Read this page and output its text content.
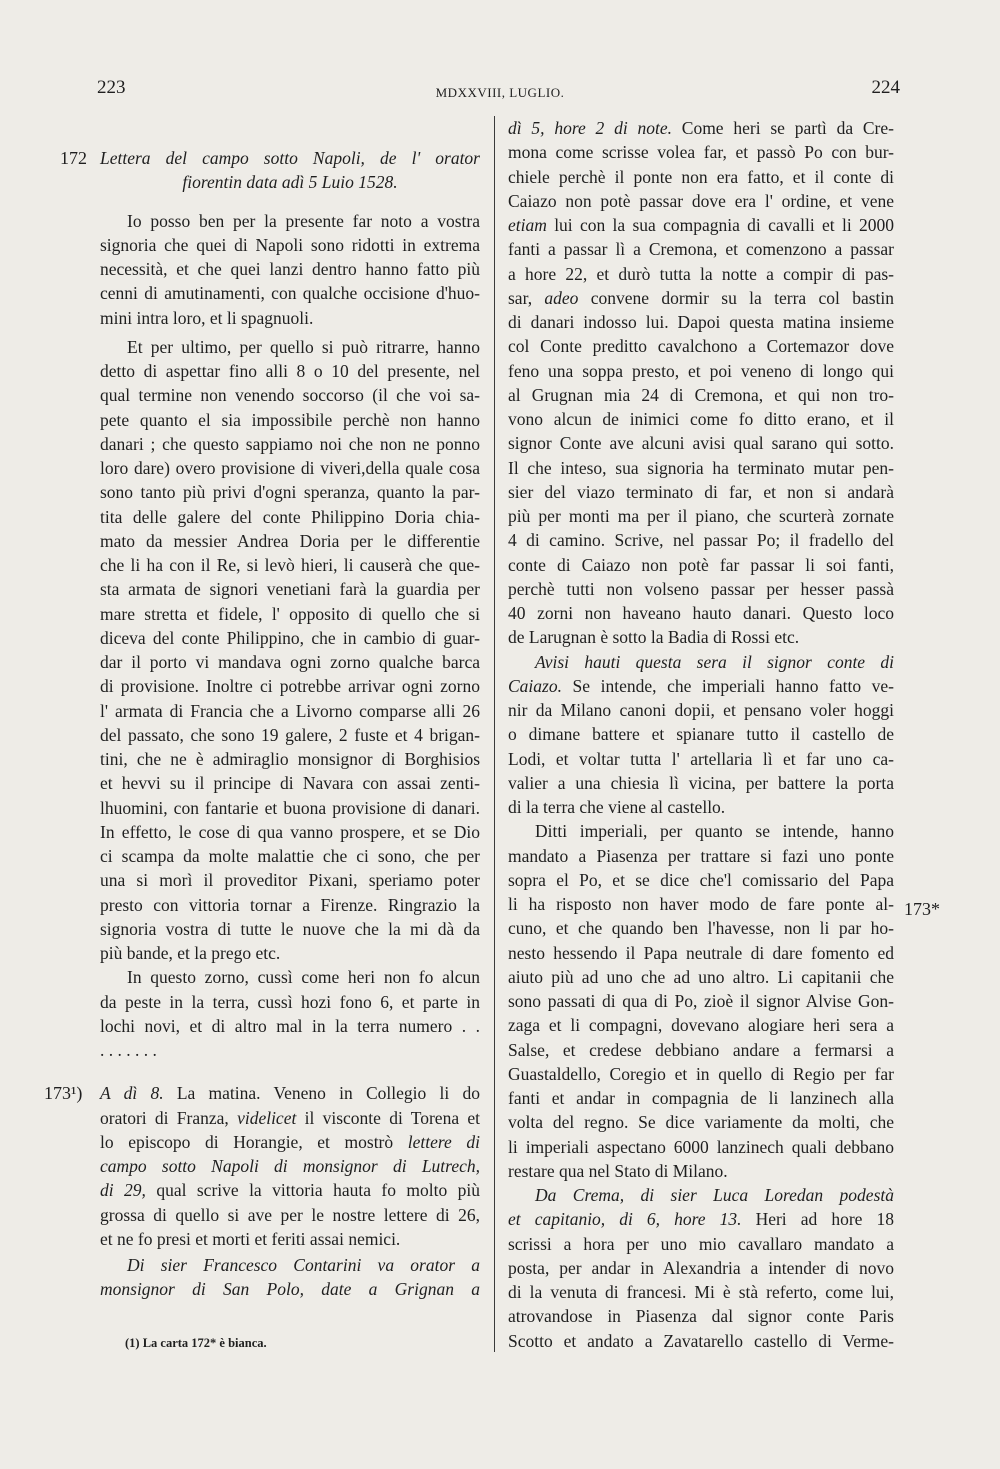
223	MDXXVIII, LUGLIO.	224
172
173¹)
173*
Lettera del campo sotto Napoli, de l' orator
fiorentin data adì 5 Luio 1528.
Io posso ben per la presente far noto a vostra
signoria che quei di Napoli sono ridotti in extrema
necessità, et che quei lanzi dentro hanno fatto più
cenni di amutinamenti, con qualche occisione d'huo-
mini intra loro, et li spagnuoli.
Et per ultimo, per quello si può ritrarre, hanno
detto di aspettar fino alli 8 o 10 del presente, nel
qual termine non venendo soccorso (il che voi sa-
pete quanto el sia impossibile perchè non hanno
danari ; che questo sappiamo noi che non ne ponno
loro dare) overo provisione di viveri,della quale cosa
sono tanto più privi d'ogni speranza, quanto la par-
tita delle galere del conte Philippino Doria chia-
mato da messier Andrea Doria per le differentie
che li ha con il Re, si levò hieri, li causerà che que-
sta armata de signori venetiani farà la guardia per
mare stretta et fidele, l' opposito di quello che si
diceva del conte Philippino, che in cambio di guar-
dar il porto vi mandava ogni zorno qualche barca
di provisione. Inoltre ci potrebbe arrivar ogni zorno
l' armata di Francia che a Livorno comparse alli 26
del passato, che sono 19 galere, 2 fuste et 4 brigan-
tini, che ne è admiraglio monsignor di Borghisios
et hevvi su il principe di Navara con assai zenti-
lhuomini, con fantarie et buona provisione di danari.
In effetto, le cose di qua vanno prospere, et se Dio
ci scampa da molte malattie che ci sono, che per
una si morì il proveditor Pixani, speriamo poter
presto con vittoria tornar a Firenze. Ringrazio la
signoria vostra di tutte le nuove che la mi dà da
più bande, et la prego etc.
In questo zorno, cussì come heri non fo alcun
da peste in la terra, cussì hozi fono 6, et parte in
lochi novi, et di altro mal in la terra numero . .
. . . . . . .
A dì 8. La matina. Veneno in Collegio li do
oratori di Franza, videlicet il visconte di Torena et
lo episcopo di Horangie, et mostrò lettere di
campo sotto Napoli di monsignor di Lutrech,
di 29, qual scrive la vittoria hauta fo molto più
grossa di quello si ave per le nostre lettere di 26,
et ne fo presi et morti et feriti assai nemici.
Di sier Francesco Contarini va orator a
monsignor di San Polo, date a Grignan a
dì 5, hore 2 di note. Come heri se partì da Cre-
mona come scrisse volea far, et passò Po con bur-
chiele perchè il ponte non era fatto, et il conte di
Caiazo non potè passar dove era l' ordine, et vene
etiam lui con la sua compagnia di cavalli et li 2000
fanti a passar lì a Cremona, et comenzono a passar
a hore 22, et durò tutta la notte a compir di pas-
sar, adeo convene dormir su la terra col bastin
di danari indosso lui. Dapoi questa matina insieme
col Conte preditto cavalchono a Cortemazor dove
feno una soppa presto, et poi veneno di longo qui
al Grugnan mia 24 di Cremona, et qui non tro-
vono alcun de inimici come fo ditto erano, et il
signor Conte ave alcuni avisi qual sarano qui sotto.
Il che inteso, sua signoria ha terminato mutar pen-
sier del viazo terminato di far, et non si andarà
più per monti ma per il piano, che scurterà zornate
4 di camino. Scrive, nel passar Po; il fradello del
conte di Caiazo non potè far passar li soi fanti,
perchè tutti non volseno passar per hesser passà
40 zorni non haveano hauto danari. Questo loco
de Larugnan è sotto la Badia di Rossi etc.
Avisi hauti questa sera il signor conte di
Caiazo. Se intende, che imperiali hanno fatto ve-
nir da Milano canoni dopii, et pensano voler hoggi
o dimane battere et spianare tutto il castello de
Lodi, et voltar tutta l' artellaria lì et far uno ca-
valier a una chiesia lì vicina, per battere la porta
di la terra che viene al castello.
Ditti imperiali, per quanto se intende, hanno
mandato a Piasenza per trattare si fazi uno ponte
sopra el Po, et se dice che'l comissario del Papa
li ha risposto non haver modo de fare ponte al-
cuno, et che quando ben l'havesse, non li par ho-
nesto hessendo il Papa neutrale di dare fomento ed
aiuto più ad uno che ad uno altro. Li capitanii che
sono passati di qua di Po, zioè il signor Alvise Gon-
zaga et li compagni, dovevano alogiare heri sera a
Salse, et credese debbiano andare a fermarsi a
Guastaldello, Coregio et in quello di Regio per far
fanti et andar in compagnia de li lanzinech alla
volta del regno. Se dice variamente da molti, che
li imperiali aspectano 6000 lanzinech quali debbano
restare qua nel Stato di Milano.
Da Crema, di sier Luca Loredan podestà
et capitanio, di 6, hore 13. Heri ad hore 18
scrissi a hora per uno mio cavallaro mandato a
posta, per andar in Alexandria a intender di novo
di la venuta di francesi. Mi è stà referto, come lui,
atrovandose in Piasenza dal signor conte Paris
Scotto et andato a Zavatarello castello di Verme-
(1) La carta 172* è bianca.
